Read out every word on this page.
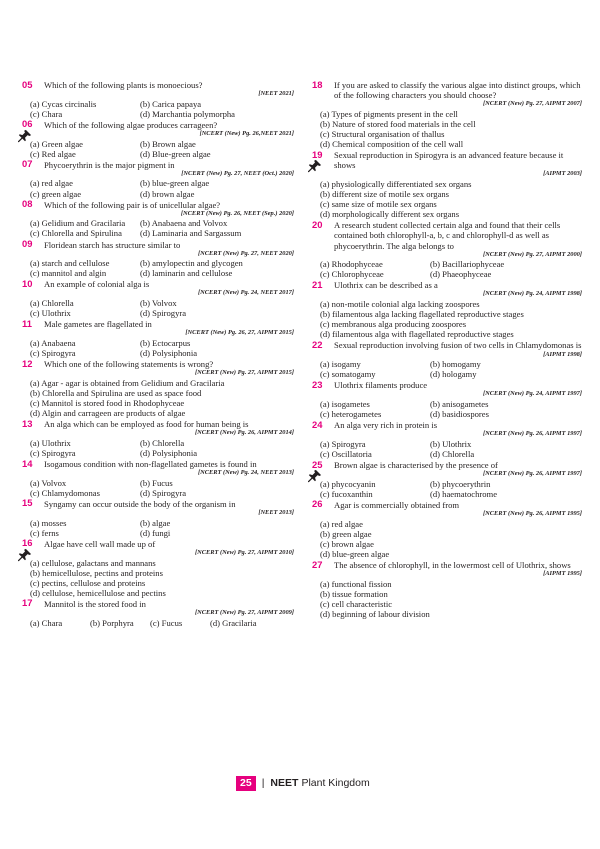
05 Which of the following plants is monoecious?
[NEET 2021]
(a) Cycas circinalis	(b) Carica papaya
(c) Chara	(d) Marchantia polymorpha
06 Which of the following algae produces carrageen?
[NCERT (New) Pg. 26,NEET 2021]
(a) Green algae	(b) Brown algae
(c) Red algae	(d) Blue-green algae
07 Phycoerythrin is the major pigment in
[NCERT (New) Pg. 27, NEET (Oct.) 2020]
(a) red algae	(b) blue-green algae
(c) green algae	(d) brown algae
08 Which of the following pair is of unicellular algae?
[NCERT (New) Pg. 26, NEET (Sep.) 2020]
(a) Gelidium and Gracilaria	(b) Anabaena and Volvox
(c) Chlorella and Spirulina	(d) Laminaria and Sargassum
09 Floridean starch has structure similar to
[NCERT (New) Pg. 27, NEET 2020]
(a) starch and cellulose	(b) amylopectin and glycogen
(c) mannitol and algin	(d) laminarin and cellulose
10 An example of colonial alga is
[NCERT (New) Pg. 24, NEET 2017]
(a) Chlorella	(b) Volvox
(c) Ulothrix	(d) Spirogyra
11 Male gametes are flagellated in
[NCERT (New) Pg. 26, 27, AIPMT 2015]
(a) Anabaena	(b) Ectocarpus
(c) Spirogyra	(d) Polysiphonia
12 Which one of the following statements is wrong?
[NCERT (New) Pg. 27, AIPMT 2015]
(a) Agar - agar is obtained from Gelidium and Gracilaria
(b) Chlorella and Spirulina are used as space food
(c) Mannitol is stored food in Rhodophyceae
(d) Algin and carrageen are products of algae
13 An alga which can be employed as food for human being is
[NCERT (New) Pg. 26, AIPMT 2014]
(a) Ulothrix	(b) Chlorella
(c) Spirogyra	(d) Polysiphonia
14 Isogamous condition with non-flagellated gametes is found in
[NCERT (New) Pg. 24, NEET 2013]
(a) Volvox	(b) Fucus
(c) Chlamydomonas	(d) Spirogyra
15 Syngamy can occur outside the body of the organism in
[NEET 2013]
(a) mosses	(b) algae
(c) ferns	(d) fungi
16 Algae have cell wall made up of
[NCERT (New) Pg. 27, AIPMT 2010]
(a) cellulose, galactans and mannans
(b) hemicellulose, pectins and proteins
(c) pectins, cellulose and proteins
(d) cellulose, hemicellulose and pectins
17 Mannitol is the stored food in
[NCERT (New) Pg. 27, AIPMT 2009]
(a) Chara	(b) Porphyra	(c) Fucus	(d) Gracilaria
18 If you are asked to classify the various algae into distinct groups, which of the following characters you should choose?
[NCERT (New) Pg. 27, AIPMT 2007]
(a) Types of pigments present in the cell
(b) Nature of stored food materials in the cell
(c) Structural organisation of thallus
(d) Chemical composition of the cell wall
19 Sexual reproduction in Spirogyra is an advanced feature because it shows
[AIPMT 2003]
(a) physiologically differentiated sex organs
(b) different size of motile sex organs
(c) same size of motile sex organs
(d) morphologically different sex organs
20 A research student collected certain alga and found that their cells contained both chlorophyll-a, b, c and chlorophyll-d as well as phycoerythrin. The alga belongs to
[NCERT (New) Pg. 27, AIPMT 2000]
(a) Rhodophyceae	(b) Bacillariophyceae
(c) Chlorophyceae	(d) Phaeophyceae
21 Ulothrix can be described as a
[NCERT (New) Pg. 24, AIPMT 1998]
(a) non-motile colonial alga lacking zoospores
(b) filamentous alga lacking flagellated reproductive stages
(c) membranous alga producing zoospores
(d) filamentous alga with flagellated reproductive stages
22 Sexual reproduction involving fusion of two cells in Chlamydomonas is
[AIPMT 1998]
(a) isogamy	(b) homogamy
(c) somatogamy	(d) hologamy
23 Ulothrix filaments produce
[NCERT (New) Pg. 24, AIPMT 1997]
(a) isogametes	(b) anisogametes
(c) heterogametes	(d) basidiospores
24 An alga very rich in protein is
[NCERT (New) Pg. 26, AIPMT 1997]
(a) Spirogyra	(b) Ulothrix
(c) Oscillatoria	(d) Chlorella
25 Brown algae is characterised by the presence of
[NCERT (New) Pg. 26, AIPMT 1997]
(a) phycocyanin	(b) phycoerythrin
(c) fucoxanthin	(d) haematochrome
26 Agar is commercially obtained from
[NCERT (New) Pg. 26, AIPMT 1995]
(a) red algae
(b) green algae
(c) brown algae
(d) blue-green algae
27 The absence of chlorophyll, in the lowermost cell of Ulothrix, shows
[AIPMT 1995]
(a) functional fission
(b) tissue formation
(c) cell characteristic
(d) beginning of labour division
25 | NEET Plant Kingdom
